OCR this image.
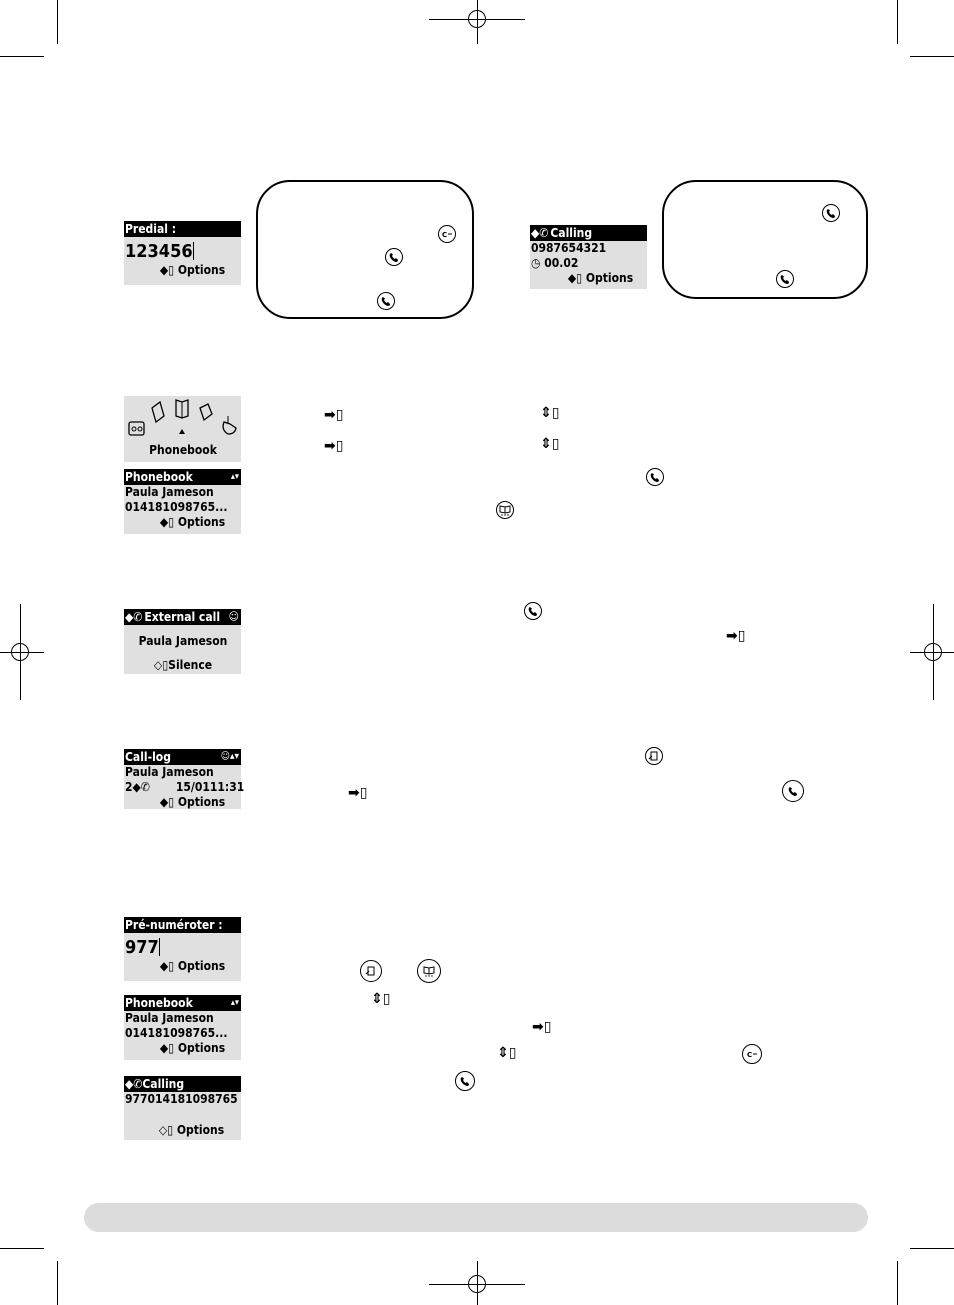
Predial :
123456
◆▯ Options
C	◆✆ Calling
0987654321
◷ 00.02
◆▯ Options
Phonebook
Phonebook	▴▾
Paula Jameson
014181098765...
◆▯ Options
➡▯	⇕▯
➡▯	⇕▯
◆✆ External call ☺
Paula Jameson
◇▯Silence
➡▯
Call-log	☺▴▾
Paula Jameson
2 ◆✆ 15/01 11:31
◆▯ Options
➡▯
Pré-numéroter :
977
◆▯ Options
Phonebook	▴▾
Paula Jameson
014181098765...
◆▯ Options
◆✆ Calling
977014181098765
◇▯ Options
⇕▯
➡▯
⇕▯	C
